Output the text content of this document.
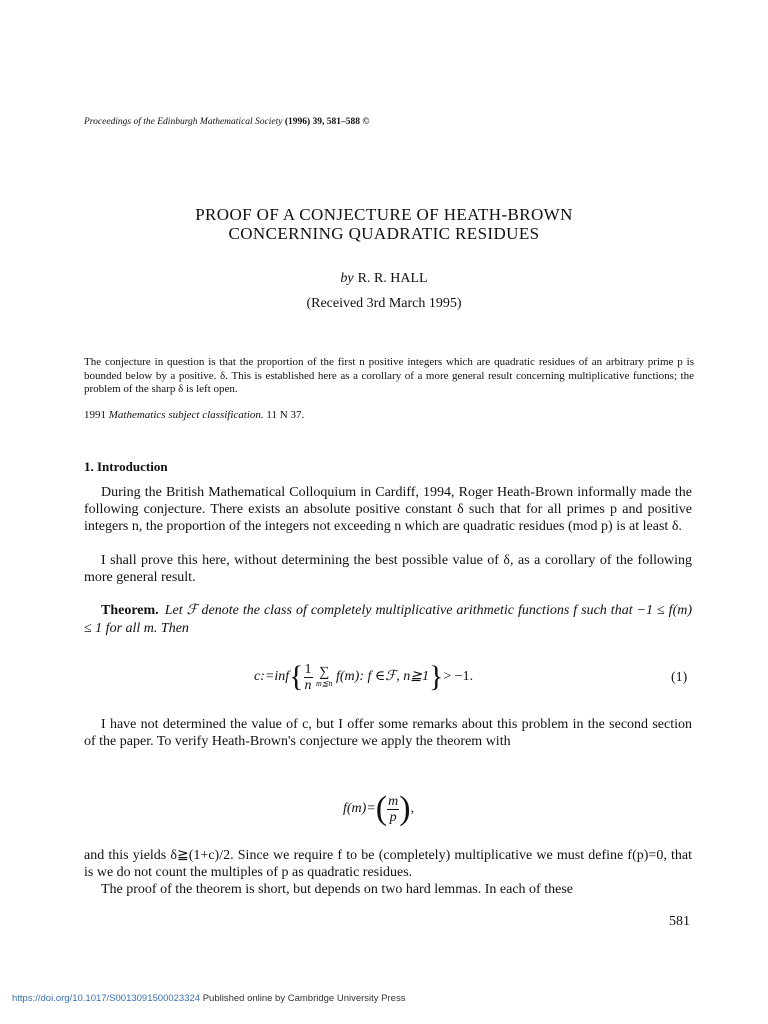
Proceedings of the Edinburgh Mathematical Society (1996) 39, 581–588 ©
PROOF OF A CONJECTURE OF HEATH-BROWN
CONCERNING QUADRATIC RESIDUES
by R. R. HALL
(Received 3rd March 1995)
The conjecture in question is that the proportion of the first n positive integers which are quadratic residues of an arbitrary prime p is bounded below by a positive. δ. This is established here as a corollary of a more general result concerning multiplicative functions; the problem of the sharp δ is left open.
1991 Mathematics subject classification. 11 N 37.
1. Introduction
During the British Mathematical Colloquium in Cardiff, 1994, Roger Heath-Brown informally made the following conjecture. There exists an absolute positive constant δ such that for all primes p and positive integers n, the proportion of the integers not exceeding n which are quadratic residues (mod p) is at least δ.
I shall prove this here, without determining the best possible value of δ, as a corollary of the following more general result.
Theorem. Let ℱ denote the class of completely multiplicative arithmetic functions f such that −1 ≤ f(m) ≤ 1 for all m. Then
c:=inf{ $\frac{1}{n}$ ∑
m≦n f(m): f ∈ℱ, n≧1}> −1.	(1)
I have not determined the value of c, but I offer some remarks about this problem in the second section of the paper. To verify Heath-Brown's conjecture we apply the theorem with
$f(m)=( \frac{m}{p}$ ),
and this yields δ≧(1+c)/2. Since we require f to be (completely) multiplicative we must define f(p)=0, that is we do not count the multiples of p as quadratic residues.
The proof of the theorem is short, but depends on two hard lemmas. In each of these
581
https://doi.org/10.1017/S0013091500023324 Published online by Cambridge University Press
